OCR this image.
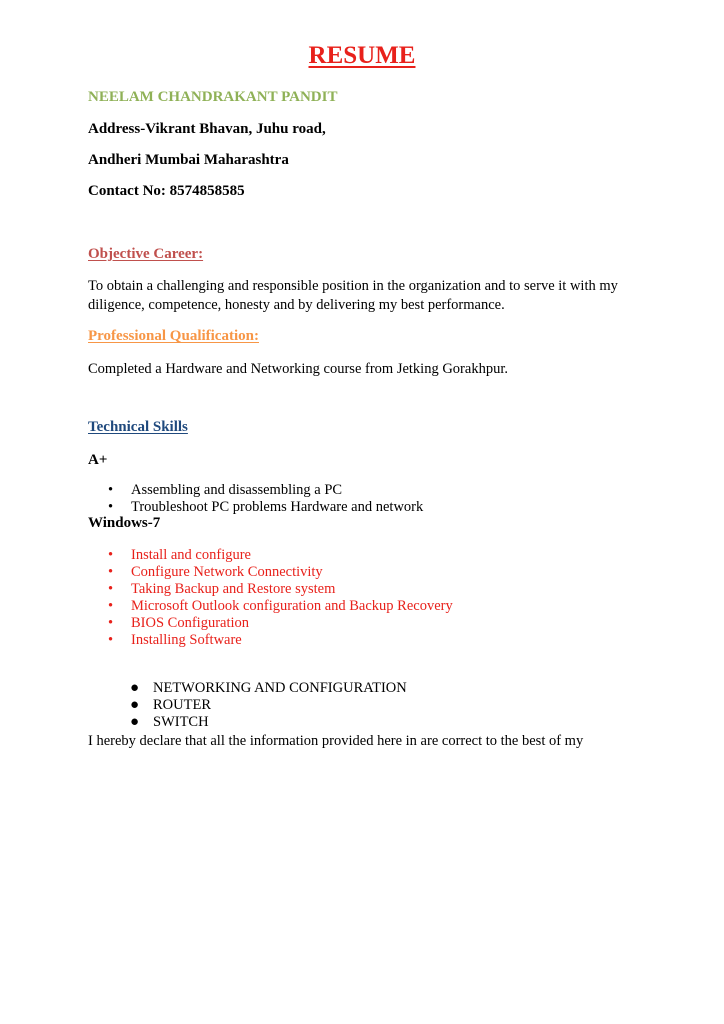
RESUME
NEELAM CHANDRAKANT PANDIT
Address-Vikrant Bhavan, Juhu road,
Andheri Mumbai Maharashtra
Contact No: 8574858585
Objective Career:
To obtain a challenging and responsible position in the organization and to serve it with my diligence, competence, honesty and by delivering my best performance.
Professional Qualification:
Completed a Hardware and Networking course from Jetking Gorakhpur.
Technical Skills
A+
• Assembling and disassembling a PC
• Troubleshoot PC problems Hardware and network
Windows-7
• Install and configure
• Configure Network Connectivity
• Taking Backup and Restore system
• Microsoft Outlook configuration and Backup Recovery
• BIOS Configuration
• Installing Software
● NETWORKING AND CONFIGURATION
● ROUTER
● SWITCH
I hereby declare that all the information provided here in are correct to the best of my
